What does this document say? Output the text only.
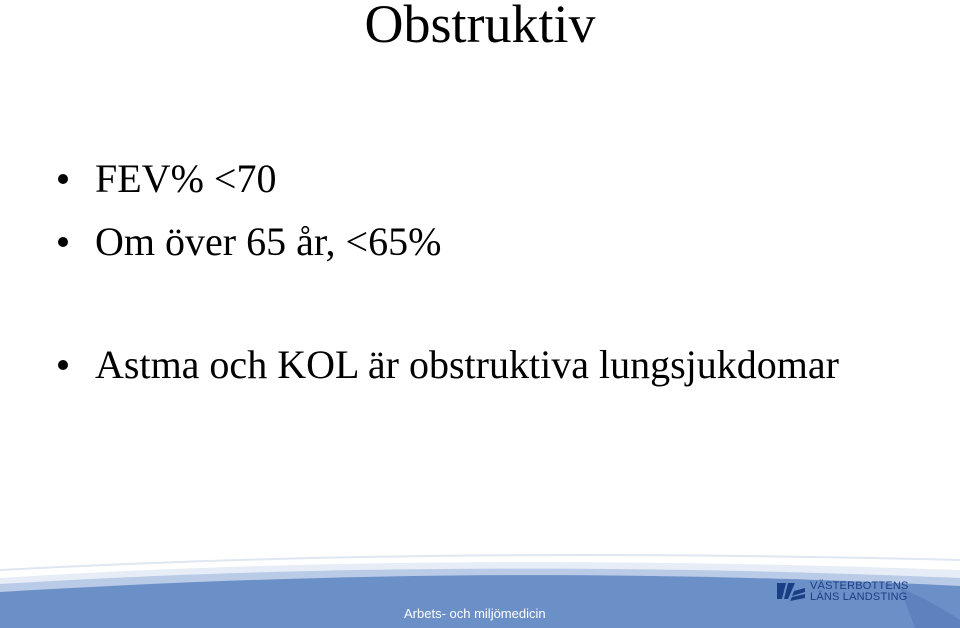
Obstruktiv
FEV% <70
Om över 65 år, <65%
Astma och KOL är obstruktiva lungsjukdomar
Arbets- och miljömedicin
VÄSTERBOTTENS
LÄNS LANDSTING
